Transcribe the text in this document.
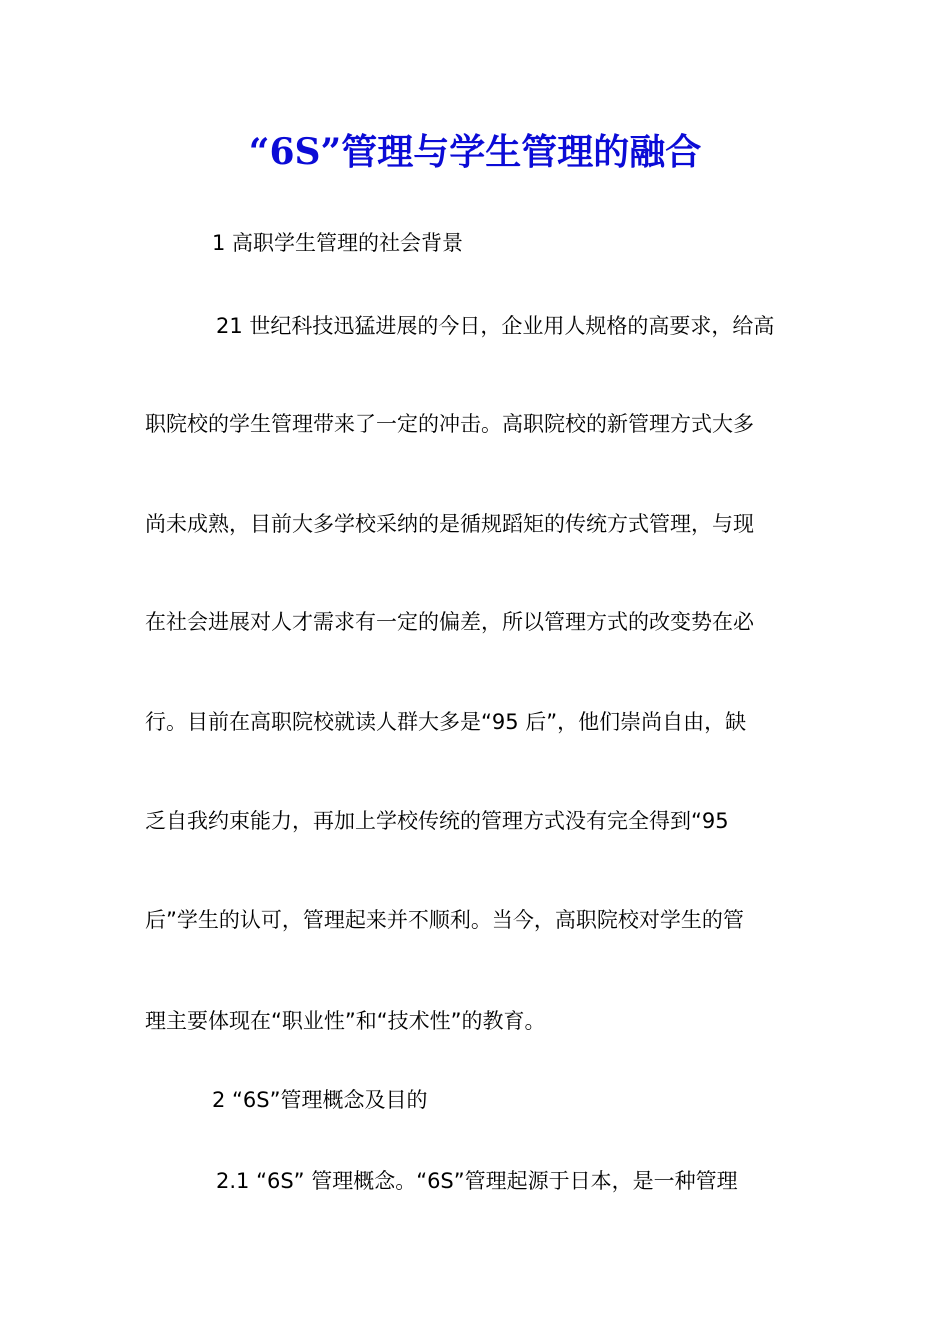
“6S”管理与学生管理的融合
1 高职学生管理的社会背景
21 世纪科技迅猛进展的今日，企业用人规格的高要求，给高
职院校的学生管理带来了一定的冲击。高职院校的新管理方式大多
尚未成熟，目前大多学校采纳的是循规蹈矩的传统方式管理，与现
在社会进展对人才需求有一定的偏差，所以管理方式的改变势在必
行。目前在高职院校就读人群大多是“95 后”，他们崇尚自由，缺
乏自我约束能力，再加上学校传统的管理方式没有完全得到“95
后”学生的认可，管理起来并不顺利。当今，高职院校对学生的管
理主要体现在“职业性”和“技术性”的教育。
2 “6S”管理概念及目的
2.1 “6S” 管理概念。“6S”管理起源于日本，是一种管理
